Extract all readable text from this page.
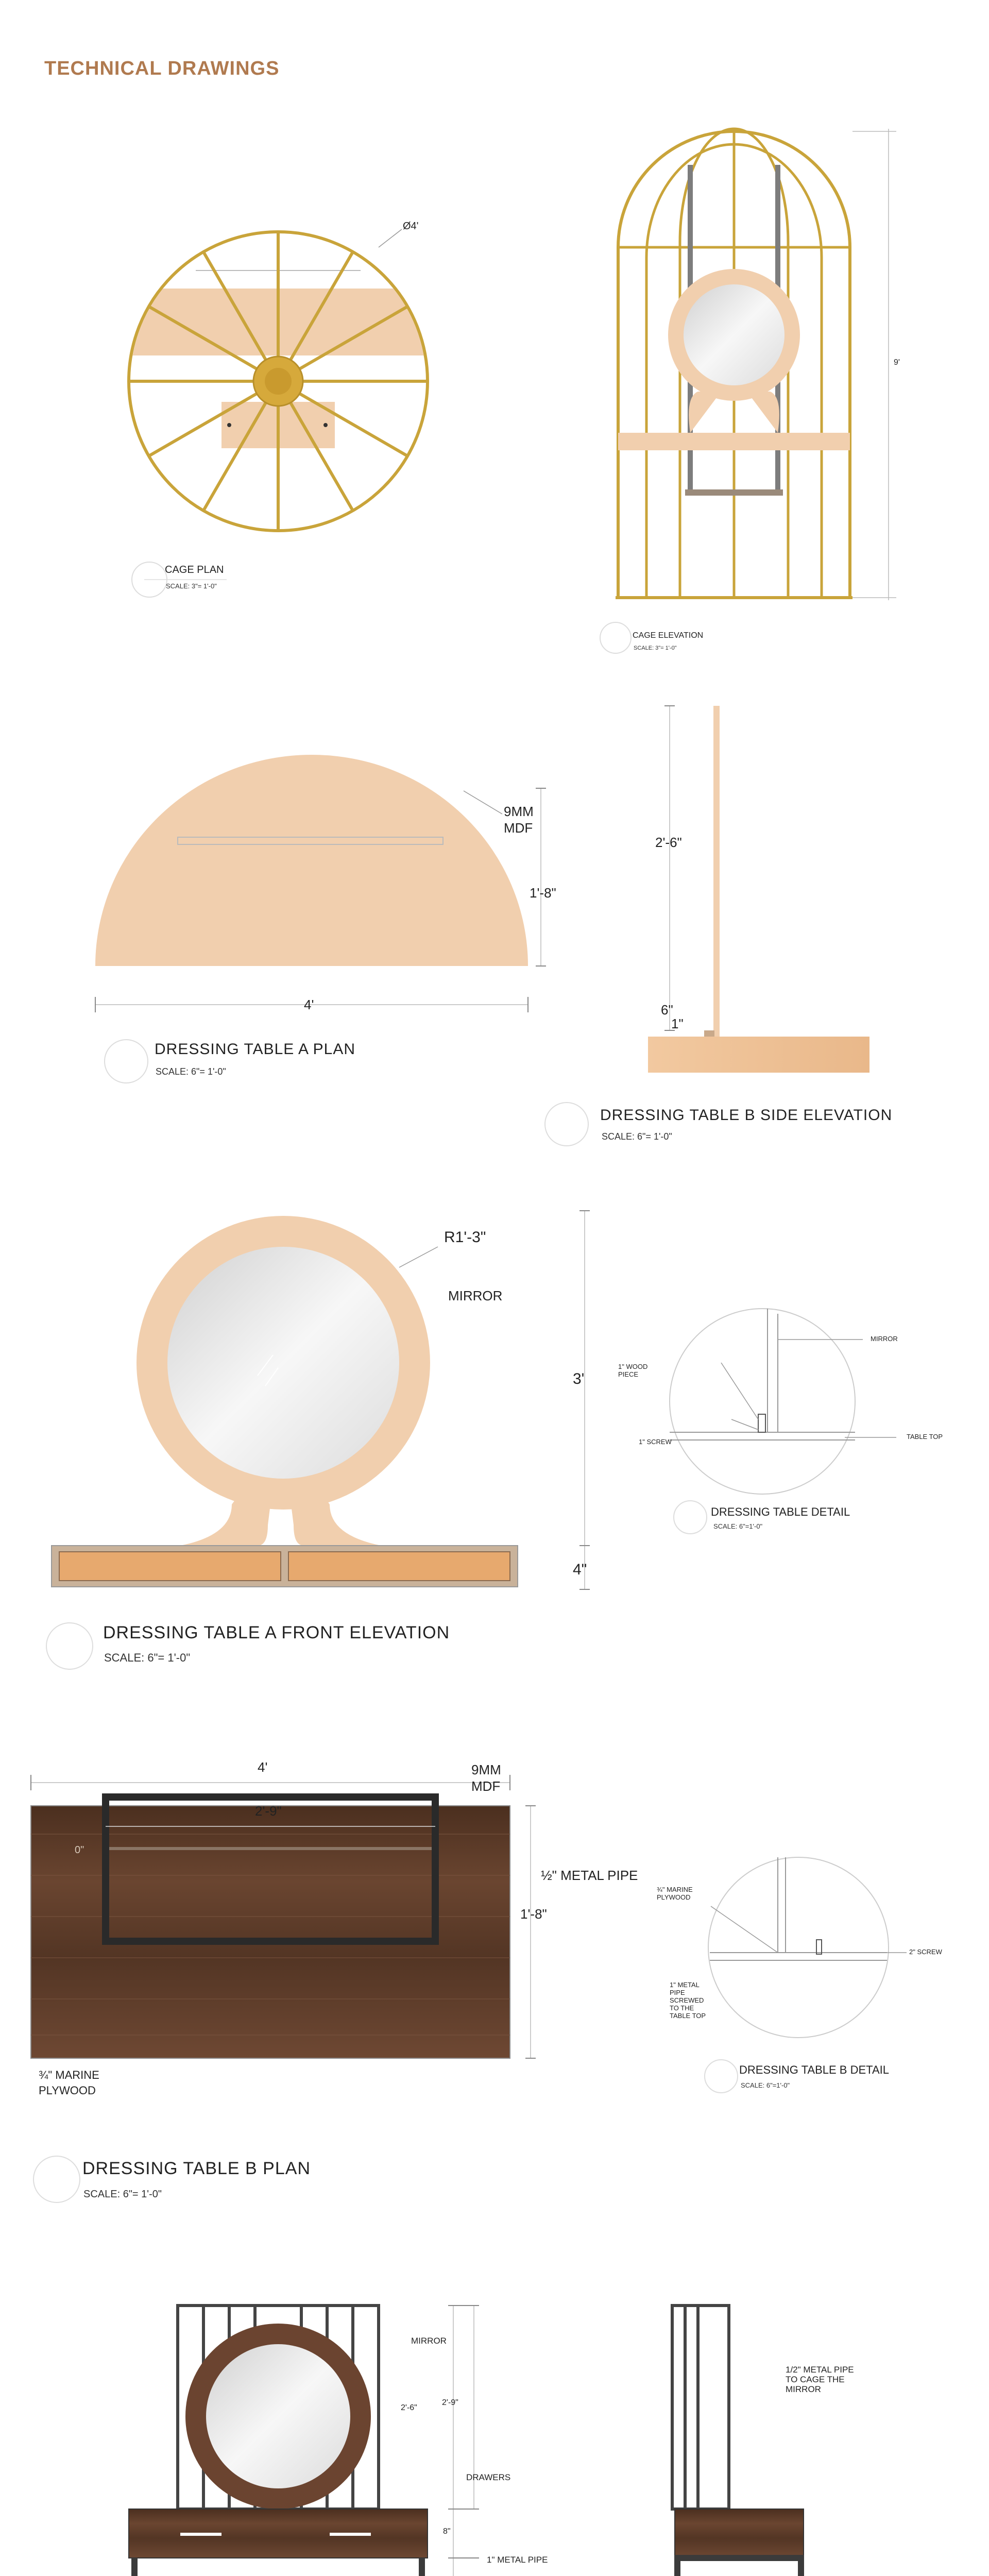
TECHNICAL DRAWINGS
Ø4'
CAGE PLAN
SCALE: 3"= 1'-0"
9'
CAGE ELEVATION
SCALE: 3"= 1'-0"
9MM
MDF
1'-8"
4'
DRESSING TABLE A PLAN
SCALE: 6"= 1'-0"
2'-6"
6"
1"
DRESSING TABLE B SIDE ELEVATION
SCALE: 6"= 1'-0"
R1'-3"
MIRROR
3'
4"
DRESSING TABLE A FRONT ELEVATION
SCALE: 6"= 1'-0"
1" WOOD
PIECE
1" SCREW
MIRROR
TABLE TOP
DRESSING TABLE DETAIL
SCALE: 6"=1'-0"
4'	9MM
MDF
2'-9"
0"
½" METAL PIPE
1'-8"
¾" MARINE
PLYWOOD
DRESSING TABLE B PLAN
SCALE: 6"= 1'-0"
¾" MARINE
PLYWOOD
2" SCREW
1" METAL
PIPE
SCREWED
TO THE
TABLE TOP
DRESSING TABLE B DETAIL
SCALE: 6"=1'-0"
MIRROR
2'-6"
2'-9"
DRAWERS
8"
1" METAL PIPE
1/2" METAL PIPE
TO CAGE THE
MIRROR
